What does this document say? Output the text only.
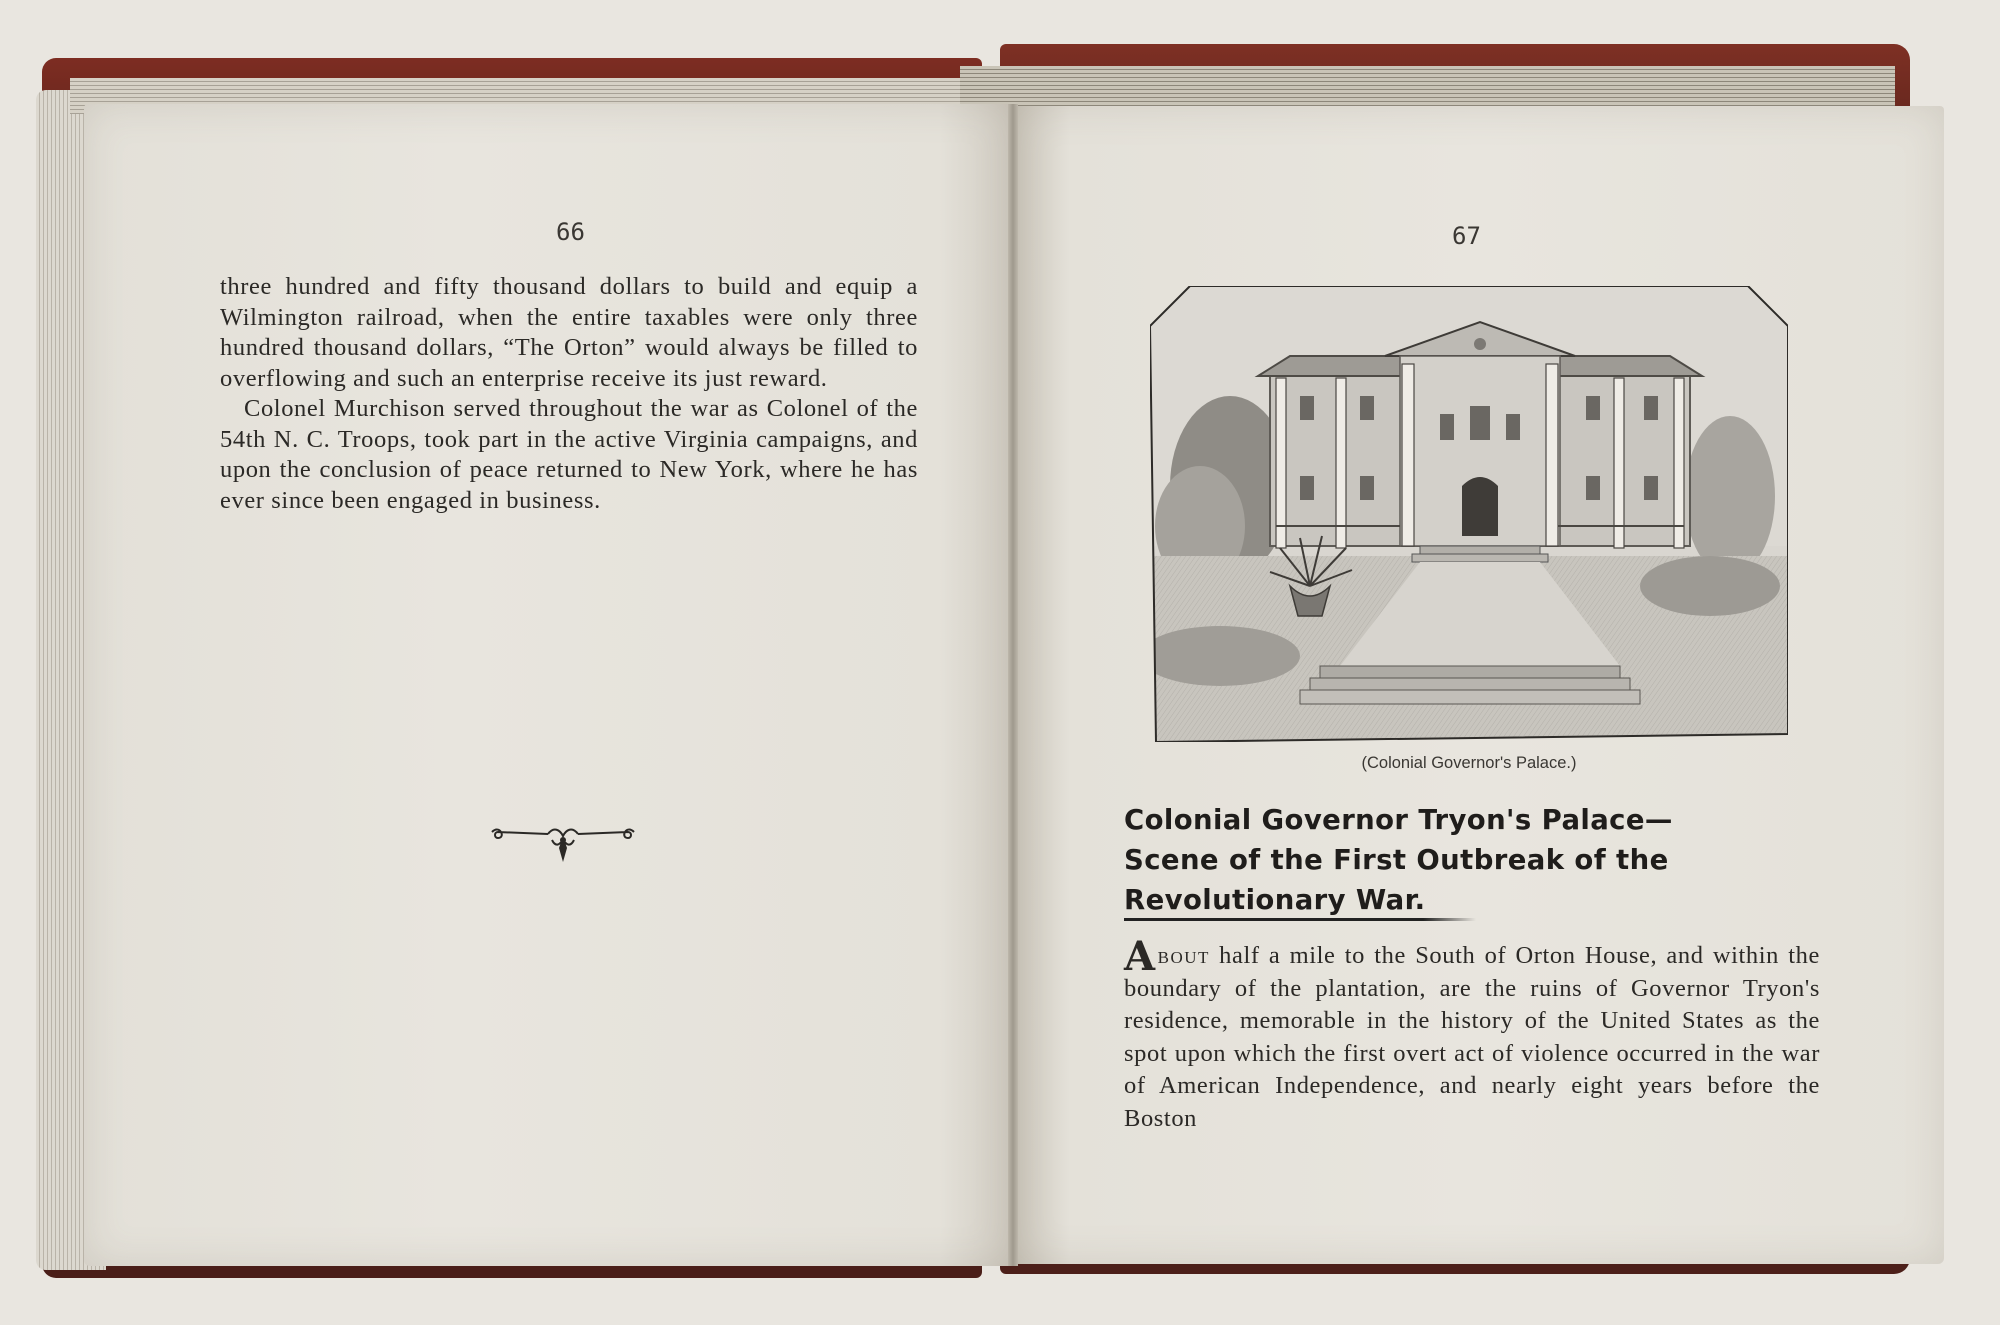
66

three hundred and fifty thousand dollars to build and equip a Wilmington railroad, when the entire taxables were only three hundred thousand dollars, “The Orton” would always be filled to overflowing and such an enterprise receive its just reward.

Colonel Murchison served throughout the war as Colonel of the 54th N. C. Troops, took part in the active Virginia campaigns, and upon the conclusion of peace returned to New York, where he has ever since been engaged in business.

67
(Colonial Governor's Palace.)
Colonial Governor Tryon's Palace—
Scene of the First Outbreak of the
Revolutionary War.
About half a mile to the South of Orton House, and within the boundary of the plantation, are the ruins of Governor Tryon's residence, memorable in the history of the United States as the spot upon which the first overt act of violence occurred in the war of American Independence, and nearly eight years before the Boston
